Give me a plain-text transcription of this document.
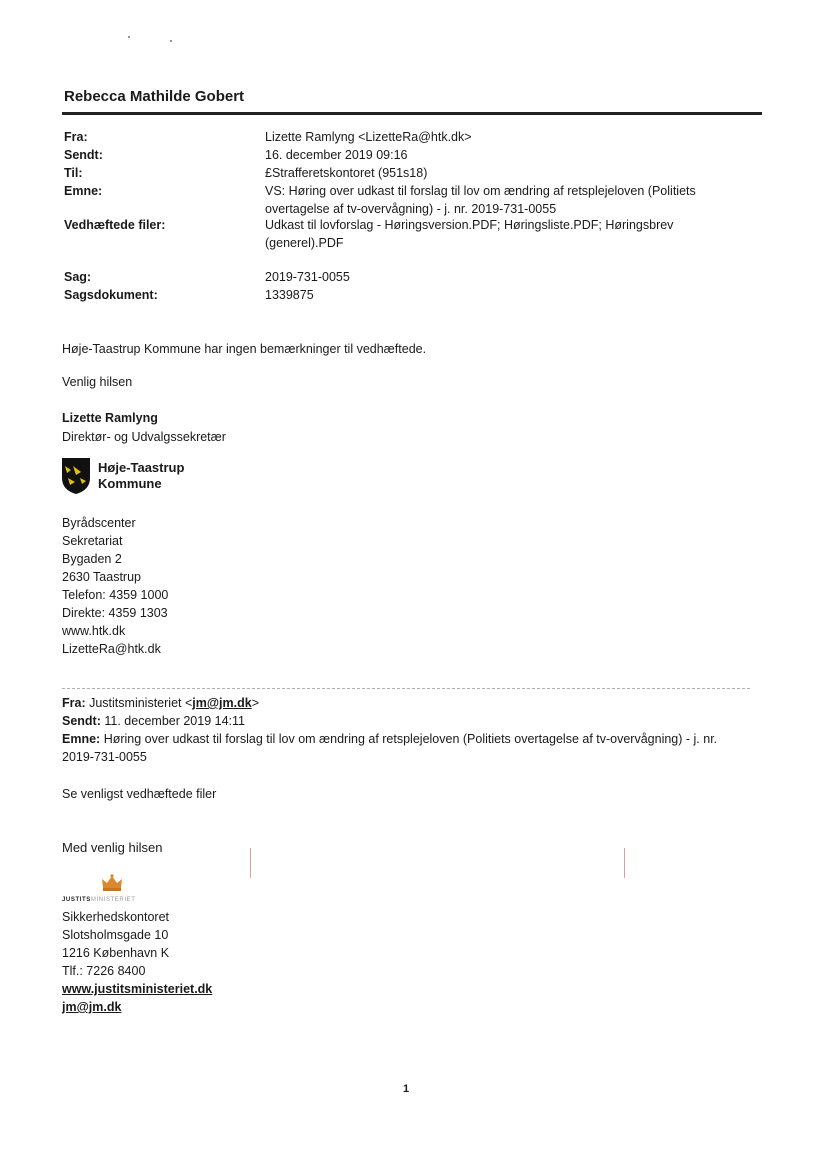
Rebecca Mathilde Gobert
Fra:	Lizette Ramlyng <LizetteRa@htk.dk>
Sendt:	16. december 2019 09:16
Til:	£Strafferetskontoret (951s18)
Emne:	VS: Høring over udkast til forslag til lov om ændring af retsplejeloven (Politiets overtagelse af tv-overvågning) - j. nr. 2019-731-0055
Vedhæftede filer:	Udkast til lovforslag - Høringsversion.PDF; Høringsliste.PDF; Høringsbrev (generel).PDF
Sag:	2019-731-0055
Sagsdokument:	1339875
Høje-Taastrup Kommune har ingen bemærkninger til vedhæftede.
Venlig hilsen
Lizette Ramlyng
Direktør- og Udvalgssekretær
Høje-Taastrup
Kommune
Byrådscenter
Sekretariat
Bygaden 2
2630 Taastrup
Telefon: 4359 1000
Direkte: 4359 1303
www.htk.dk
LizetteRa@htk.dk
Fra: Justitsministeriet <jm@jm.dk>
Sendt: 11. december 2019 14:11
Emne: Høring over udkast til forslag til lov om ændring af retsplejeloven (Politiets overtagelse af tv-overvågning) - j. nr. 2019-731-0055
Se venligst vedhæftede filer
Med venlig hilsen
JUSTITSMINISTERIET
Sikkerhedskontoret
Slotsholmsgade 10
1216 København K
Tlf.: 7226 8400
www.justitsministeriet.dk
jm@jm.dk
1
